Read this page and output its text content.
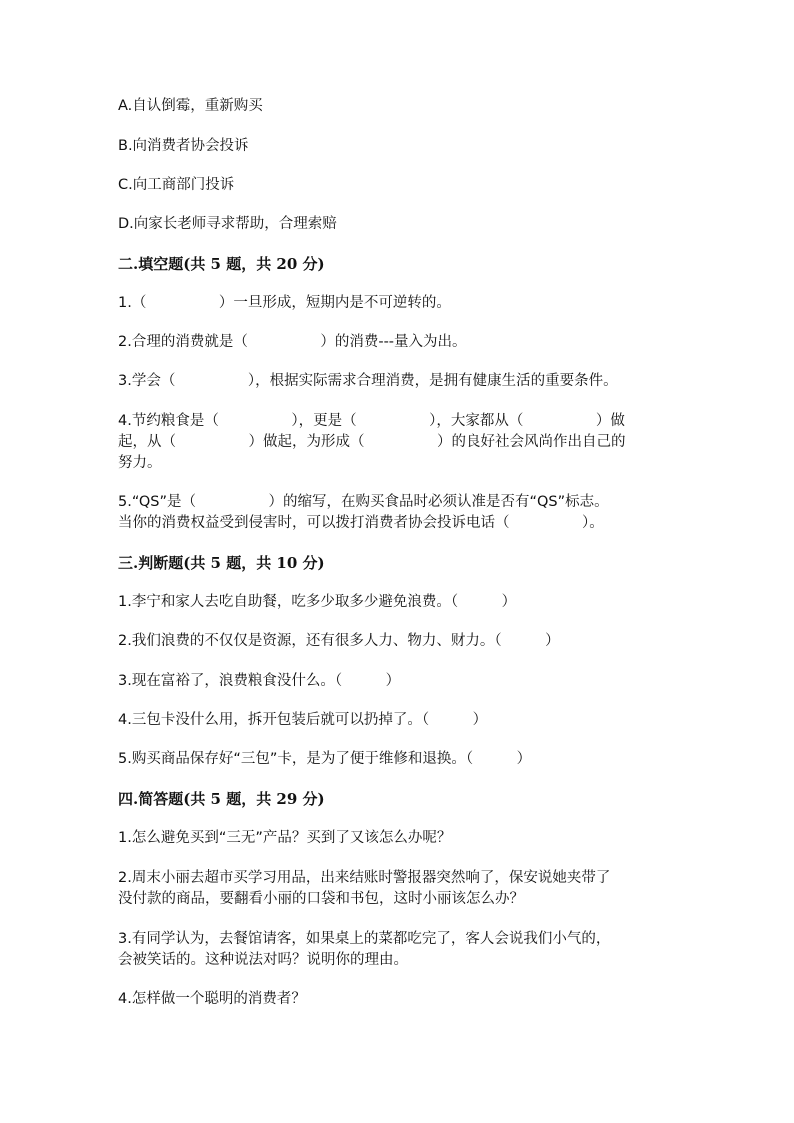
A.自认倒霉，重新购买
B.向消费者协会投诉
C.向工商部门投诉
D.向家长老师寻求帮助，合理索赔
二.填空题(共 5 题，共 20 分)
1.（　　　　　）一旦形成，短期内是不可逆转的。
2.合理的消费就是（　　　　　）的消费---量入为出。
3.学会（　　　　　），根据实际需求合理消费，是拥有健康生活的重要条件。
4.节约粮食是（　　　　　），更是（　　　　　），大家都从（　　　　　）做
起，从（　　　　　）做起，为形成（　　　　　）的良好社会风尚作出自己的
努力。
5.“QS”是（　　　　　）的缩写，在购买食品时必须认准是否有“QS”标志。
当你的消费权益受到侵害时，可以拨打消费者协会投诉电话（　　　　　）。
三.判断题(共 5 题，共 10 分)
1.李宁和家人去吃自助餐，吃多少取多少避免浪费。（　　　）
2.我们浪费的不仅仅是资源，还有很多人力、物力、财力。（　　　）
3.现在富裕了，浪费粮食没什么。（　　　）
4.三包卡没什么用，拆开包装后就可以扔掉了。（　　　）
5.购买商品保存好“三包”卡，是为了便于维修和退换。（　　　）
四.简答题(共 5 题，共 29 分)
1.怎么避免买到“三无”产品？买到了又该怎么办呢？
2.周末小丽去超市买学习用品，出来结账时警报器突然响了，保安说她夹带了
没付款的商品，要翻看小丽的口袋和书包，这时小丽该怎么办？
3.有同学认为，去餐馆请客，如果桌上的菜都吃完了，客人会说我们小气的，
会被笑话的。这种说法对吗？说明你的理由。
4.怎样做一个聪明的消费者？
